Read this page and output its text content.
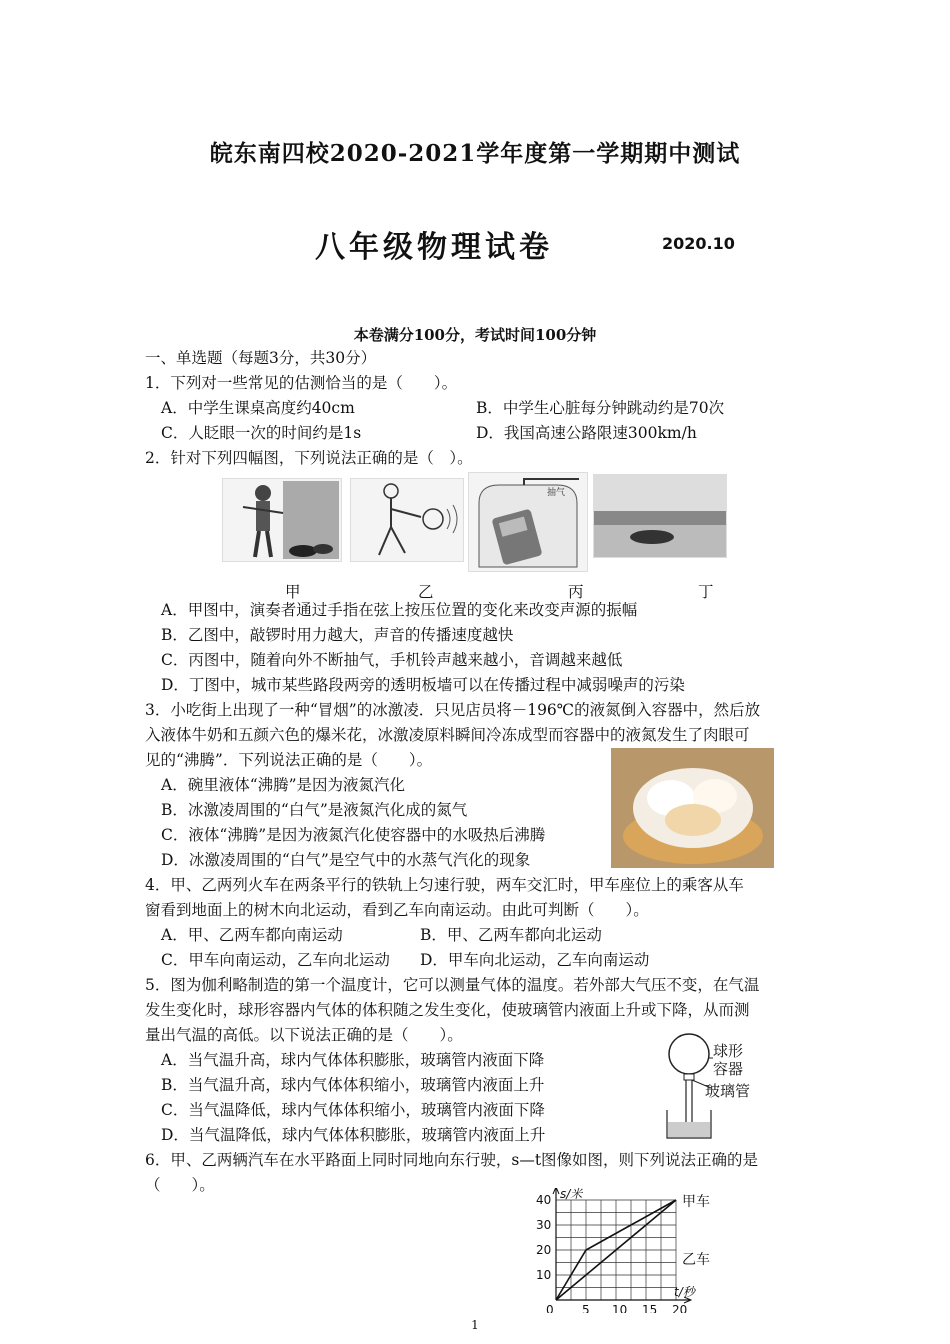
皖东南四校2020-2021学年度第一学期期中测试
八年级物理试卷	2020.10
本卷满分100分，考试时间100分钟
一、单选题（每题3分，共30分）
1．下列对一些常见的估测恰当的是（　　）。
A．中学生课桌高度约40cm	B．中学生心脏每分钟跳动约是70次
C．人眨眼一次的时间约是1s	D．我国高速公路限速300km/h
2．针对下列四幅图，下列说法正确的是（　）。
抽气
甲	乙	丙	丁
A．甲图中，演奏者通过手指在弦上按压位置的变化来改变声源的振幅
B．乙图中，敲锣时用力越大，声音的传播速度越快
C．丙图中，随着向外不断抽气，手机铃声越来越小，音调越来越低
D．丁图中，城市某些路段两旁的透明板墙可以在传播过程中减弱噪声的污染
3．小吃街上出现了一种“冒烟”的冰激凌．只见店员将－196℃的液氮倒入容器中，然后放
入液体牛奶和五颜六色的爆米花，冰激凌原料瞬间冷冻成型而容器中的液氮发生了肉眼可
见的“沸腾”．下列说法正确的是（　　）。
A．碗里液体“沸腾”是因为液氮汽化
B．冰激凌周围的“白气”是液氮汽化成的氮气
C．液体“沸腾”是因为液氮汽化使容器中的水吸热后沸腾
D．冰激凌周围的“白气”是空气中的水蒸气汽化的现象
4．甲、乙两列火车在两条平行的铁轨上匀速行驶，两车交汇时，甲车座位上的乘客从车
窗看到地面上的树木向北运动，看到乙车向南运动。由此可判断（　　）。
A．甲、乙两车都向南运动	B．甲、乙两车都向北运动
C．甲车向南运动，乙车向北运动 D．甲车向北运动，乙车向南运动
5．图为伽利略制造的第一个温度计，它可以测量气体的温度。若外部大气压不变，在气温
发生变化时，球形容器内气体的体积随之发生变化，使玻璃管内液面上升或下降，从而测
量出气温的高低。以下说法正确的是（　　）。
球形
容器
玻璃管
A．当气温升高，球内气体体积膨胀，玻璃管内液面下降
B．当气温升高，球内气体体积缩小，玻璃管内液面上升
C．当气温降低，球内气体体积缩小，玻璃管内液面下降
D．当气温降低，球内气体体积膨胀，玻璃管内液面上升
6．甲、乙两辆汽车在水平路面上同时同地向东行驶，s—t图像如图，则下列说法正确的是
（　　）。
0 5 10 15 20
10
20
30
40 s/米
t/秒
甲车
乙车
1
